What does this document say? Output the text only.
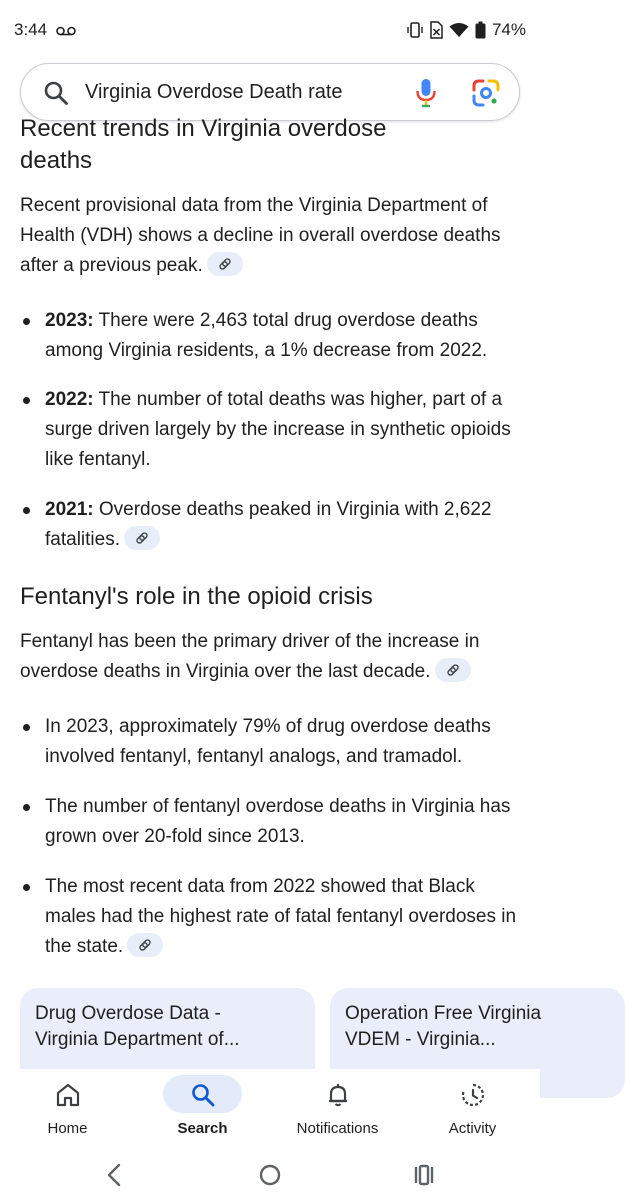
3:44	74%
Virginia Overdose Death rate
Recent trends in Virginia overdose
deaths
Recent provisional data from the Virginia Department of Health (VDH) shows a decline in overall overdose deaths after a previous peak.
2023: There were 2,463 total drug overdose deaths among Virginia residents, a 1% decrease from 2022.
2022: The number of total deaths was higher, part of a surge driven largely by the increase in synthetic opioids like fentanyl.
2021: Overdose deaths peaked in Virginia with 2,622 fatalities.
Fentanyl's role in the opioid crisis
Fentanyl has been the primary driver of the increase in overdose deaths in Virginia over the last decade.
In 2023, approximately 79% of drug overdose deaths involved fentanyl, fentanyl analogs, and tramadol.
The number of fentanyl overdose deaths in Virginia has grown over 20-fold since 2013.
The most recent data from 2022 showed that Black males had the highest rate of fatal fentanyl overdoses in the state.
Drug Overdose Data -
Virginia Department of...
Operation Free Virginia
VDEM - Virginia...
Home	Search	Notifications	Activity
